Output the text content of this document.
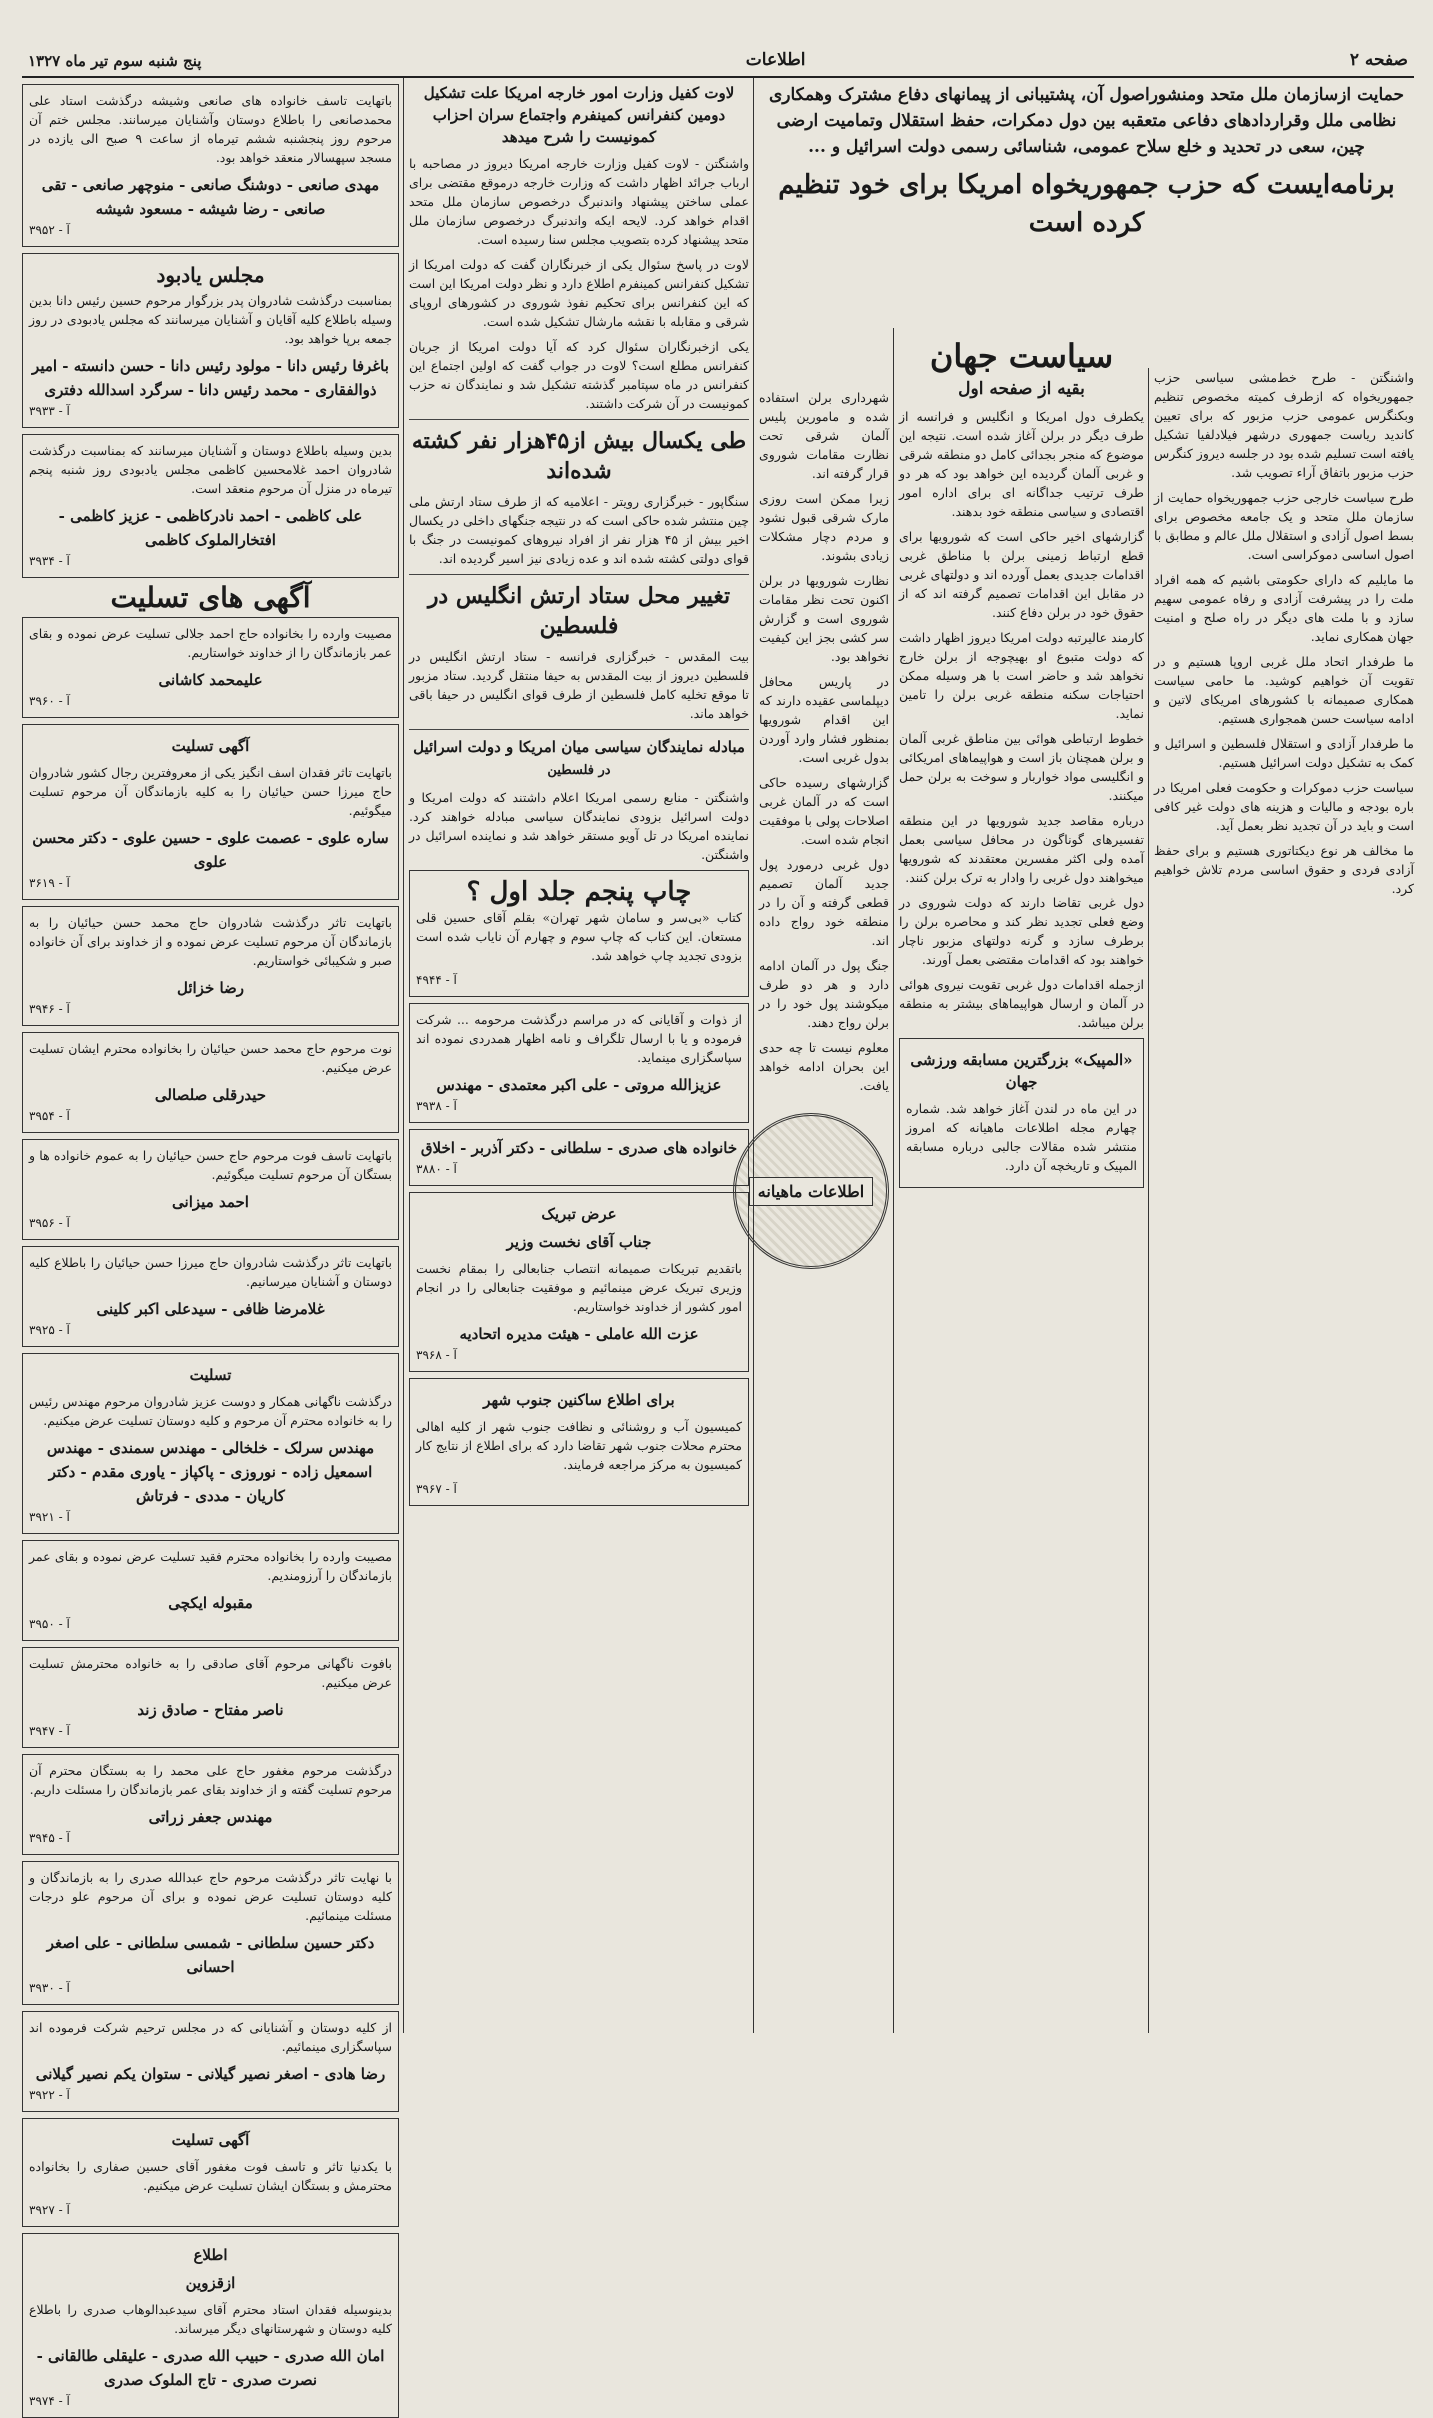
صفحه ۲
اطلاعات
پنج شنبه سوم تیر ماه ۱۳۲۷

واشنگتن - طرح خط‌مشی سیاسی حزب جمهوریخواه که ازطرف کمیته مخصوص تنظیم وبکنگرس عمومی حزب مزبور که برای تعیین کاندید ریاست جمهوری درشهر فیلادلفیا تشکیل یافته است تسلیم شده بود در جلسه دیروز کنگرس حزب مزبور باتفاق آراء تصویب شد.

طرح سیاست خارجی حزب جمهوریخواه حمایت از سازمان ملل متحد و یک جامعه مخصوص برای بسط اصول آزادی و استقلال ملل عالم و مطابق با اصول اساسی دموکراسی است.

ما مایلیم که دارای حکومتی باشیم که همه افراد ملت را در پیشرفت آزادی و رفاه عمومی سهیم سازد و با ملت های دیگر در راه صلح و امنیت جهان همکاری نماید.

ما طرفدار اتحاد ملل غربی اروپا هستیم و در تقویت آن خواهیم کوشید. ما حامی سیاست همکاری صمیمانه با کشورهای امریکای لاتین و ادامه سیاست حسن همجواری هستیم.

ما طرفدار آزادی و استقلال فلسطین و اسرائیل و کمک به تشکیل دولت اسرائیل هستیم.

سیاست حزب دموکرات و حکومت فعلی امریکا در باره بودجه و مالیات و هزینه های دولت غیر کافی است و باید در آن تجدید نظر بعمل آید.

ما مخالف هر نوع دیکتاتوری هستیم و برای حفظ آزادی فردی و حقوق اساسی مردم تلاش خواهیم کرد.

حمایت ازسازمان ملل متحد ومنشوراصول آن، پشتیبانی از پیمانهای دفاع مشترک وهمکاری نظامی ملل وقراردادهای دفاعی متعقبه بین دول دمکرات، حفظ استقلال وتمامیت ارضی چین، سعی در تحدید و خلع سلاح عمومی، شناسائی رسمی دولت اسرائیل و ...
برنامه‌ایست که حزب جمهوریخواه امریکا برای خود تنظیم کرده است
سیاست جهان
بقیه از صفحه اول

یکطرف دول امریکا و انگلیس و فرانسه از طرف دیگر در برلن آغاز شده است. نتیجه این موضوع که منجر بجدائی کامل دو منطقه شرقی و غربی آلمان گردیده این خواهد بود که هر دو طرف ترتیب جداگانه ای برای اداره امور اقتصادی و سیاسی منطقه خود بدهند.

گزارشهای اخیر حاکی است که شورویها برای قطع ارتباط زمینی برلن با مناطق غربی اقدامات جدیدی بعمل آورده اند و دولتهای غربی در مقابل این اقدامات تصمیم گرفته اند که از حقوق خود در برلن دفاع کنند.

کارمند عالیرتبه دولت امریکا دیروز اظهار داشت که دولت متبوع او بهیچوجه از برلن خارج نخواهد شد و حاضر است با هر وسیله ممکن احتیاجات سکنه منطقه غربی برلن را تامین نماید.

خطوط ارتباطی هوائی بین مناطق غربی آلمان و برلن همچنان باز است و هواپیماهای امریکائی و انگلیسی مواد خواربار و سوخت به برلن حمل میکنند.

درباره مقاصد جدید شورویها در این منطقه تفسیرهای گوناگون در محافل سیاسی بعمل آمده ولی اکثر مفسرین معتقدند که شورویها میخواهند دول غربی را وادار به ترک برلن کنند.

دول غربی تقاضا دارند که دولت شوروی در وضع فعلی تجدید نظر کند و محاصره برلن را برطرف سازد و گرنه دولتهای مزبور ناچار خواهند بود که اقدامات مقتضی بعمل آورند.

ازجمله اقدامات دول غربی تقویت نیروی هوائی در آلمان و ارسال هواپیماهای بیشتر به منطقه برلن میباشد.

«المپیک» بزرگترین مسابقه ورزشی جهان

در این ماه در لندن آغاز خواهد شد. شماره چهارم مجله اطلاعات ماهیانه که امروز منتشر شده مقالات جالبی درباره مسابقه المپیک و تاریخچه آن دارد.

شهرداری برلن استفاده شده و مامورین پلیس آلمان شرقی تحت نظارت مقامات شوروی قرار گرفته اند.

زیرا ممکن است روزی مارک شرقی قبول نشود و مردم دچار مشکلات زیادی بشوند.

نظارت شورویها در برلن اکنون تحت نظر مقامات شوروی است و گزارش سر کشی بجز این کیفیت نخواهد بود.

در پاریس محافل دیپلماسی عقیده دارند که این اقدام شورویها بمنظور فشار وارد آوردن بدول غربی است.

گزارشهای رسیده حاکی است که در آلمان غربی اصلاحات پولی با موفقیت انجام شده است.

دول غربی درمورد پول جدید آلمان تصمیم قطعی گرفته و آن را در منطقه خود رواج داده اند.

جنگ پول در آلمان ادامه دارد و هر دو طرف میکوشند پول خود را در برلن رواج دهند.

معلوم نیست تا چه حدی این بحران ادامه خواهد یافت.

اطلاعات ماهیانه
لاوت کفیل وزارت امور خارجه امریکا علت تشکیل دومین کنفرانس کمینفرم واجتماع سران احزاب کمونیست را شرح میدهد

واشنگتن - لاوت کفیل وزارت خارجه امریکا دیروز در مصاحبه با ارباب جرائد اظهار داشت که وزارت خارجه درموقع مقتضی برای عملی ساختن پیشنهاد واندنبرگ درخصوص سازمان ملل متحد اقدام خواهد کرد. لایحه ایکه واندنبرگ درخصوص سازمان ملل متحد پیشنهاد کرده بتصویب مجلس سنا رسیده است.

لاوت در پاسخ سئوال یکی از خبرنگاران گفت که دولت امریکا از تشکیل کنفرانس کمینفرم اطلاع دارد و نظر دولت امریکا این است که این کنفرانس برای تحکیم نفوذ شوروی در کشورهای اروپای شرقی و مقابله با نقشه مارشال تشکیل شده است.

یکی ازخبرنگاران سئوال کرد که آیا دولت امریکا از جریان کنفرانس مطلع است؟ لاوت در جواب گفت که اولین اجتماع این کنفرانس در ماه سپتامبر گذشته تشکیل شد و نمایندگان نه حزب کمونیست در آن شرکت داشتند.

طی یکسال بیش از۴۵هزار نفر کشته شده‌اند

سنگاپور - خبرگزاری رویتر - اعلامیه که از طرف ستاد ارتش ملی چین منتشر شده حاکی است که در نتیجه جنگهای داخلی در یکسال اخیر بیش از ۴۵ هزار نفر از افراد نیروهای کمونیست در جنگ با قوای دولتی کشته شده اند و عده زیادی نیز اسیر گردیده اند.

تغییر محل ستاد ارتش انگلیس در فلسطین

بیت المقدس - خبرگزاری فرانسه - ستاد ارتش انگلیس در فلسطین دیروز از بیت المقدس به حیفا منتقل گردید. ستاد مزبور تا موقع تخلیه کامل فلسطین از طرف قوای انگلیس در حیفا باقی خواهد ماند.

مبادله نمایندگان سیاسی میان امریکا و دولت اسرائیل
در فلسطین

واشنگتن - منابع رسمی امریکا اعلام داشتند که دولت امریکا و دولت اسرائیل بزودی نمایندگان سیاسی مبادله خواهند کرد. نماینده امریکا در تل آویو مستقر خواهد شد و نماینده اسرائیل در واشنگتن.

چاپ پنجم جلد اول ؟

کتاب «بی‌سر و سامان شهر تهران» بقلم آقای حسین قلی مستعان. این کتاب که چاپ سوم و چهارم آن نایاب شده است بزودی تجدید چاپ خواهد شد.

۴۹۴۴ - آ

از ذوات و آقایانی که در مراسم درگذشت مرحومه ... شرکت فرموده و یا با ارسال تلگراف و نامه اظهار همدردی نموده اند سپاسگزاری مینماید.

عزیزالله مروتی - علی اکبر معتمدی - مهندس
۳۹۳۸ - آ
خانواده های صدری - سلطانی - دکتر آذربر - اخلاق
۳۸۸۰ - آ
عرض تبریک
جناب آقای نخست وزیر

باتقدیم تبریکات صمیمانه انتصاب جنابعالی را بمقام نخست وزیری تبریک عرض مینمائیم و موفقیت جنابعالی را در انجام امور کشور از خداوند خواستاریم.

عزت الله عاملی - هیئت مدیره اتحادیه
۳۹۶۸ - آ
برای اطلاع ساکنین جنوب شهر

کمیسیون آب و روشنائی و نظافت جنوب شهر از کلیه اهالی محترم محلات جنوب شهر تقاضا دارد که برای اطلاع از نتایج کار کمیسیون به مرکز مراجعه فرمایند.

۳۹۶۷ - آ

باتهایت تاسف خانواده های صانعی وشیشه درگذشت استاد علی محمدصانعی را باطلاع دوستان وآشنایان میرسانند. مجلس ختم آن مرحوم روز پنجشنبه ششم تیرماه از ساعت ۹ صبح الی یازده در مسجد سپهسالار منعقد خواهد بود.

مهدی صانعی - دوشنگ صانعی - منوچهر صانعی - تقی صانعی - رضا شیشه - مسعود شیشه
۳۹۵۲ - آ
مجلس یادبود

بمناسبت درگذشت شادروان پدر بزرگوار مرحوم حسین رئیس دانا بدین وسیله باطلاع کلیه آقایان و آشنایان میرسانند که مجلس یادبودی در روز جمعه برپا خواهد بود.

باغرفا رئیس دانا - مولود رئیس دانا - حسن دانسته - امیر ذوالفقاری - محمد رئیس دانا - سرگرد اسدالله دفتری
۳۹۳۳ - آ

بدین وسیله باطلاع دوستان و آشنایان میرسانند که بمناسبت درگذشت شادروان احمد غلامحسین کاظمی مجلس یادبودی روز شنبه پنجم تیرماه در منزل آن مرحوم منعقد است.

علی کاظمی - احمد نادرکاظمی - عزیز کاظمی - افتخارالملوک کاظمی
۳۹۳۴ - آ
آگهی های تسلیت

مصیبت وارده را بخانواده حاج احمد جلالی تسلیت عرض نموده و بقای عمر بازماندگان را از خداوند خواستاریم.

علیمحمد کاشانی
۳۹۶۰ - آ
آگهی تسلیت

باتهایت تاثر فقدان اسف انگیز یکی از معروفترین رجال کشور شادروان حاج میرزا حسن حیائیان را به کلیه بازماندگان آن مرحوم تسلیت میگوئیم.

ساره علوی - عصمت علوی - حسین علوی - دکتر محسن علوی
۳۶۱۹ - آ

باتهایت تاثر درگذشت شادروان حاج محمد حسن حیائیان را به بازماندگان آن مرحوم تسلیت عرض نموده و از خداوند برای آن خانواده صبر و شکیبائی خواستاریم.

رضا خزائل
۳۹۴۶ - آ

نوت مرحوم حاج محمد حسن حیائیان را بخانواده محترم ایشان تسلیت عرض میکنیم.

حیدرقلی صلصالی
۳۹۵۴ - آ

باتهایت تاسف فوت مرحوم حاج حسن حیائیان را به عموم خانواده ها و بستگان آن مرحوم تسلیت میگوئیم.

احمد میزانی
۳۹۵۶ - آ

باتهایت تاثر درگذشت شادروان حاج میرزا حسن حیائیان را باطلاع کلیه دوستان و آشنایان میرسانیم.

غلامرضا ظافی - سیدعلی اکبر کلینی
۳۹۲۵ - آ
تسلیت

درگذشت ناگهانی همکار و دوست عزیز شادروان مرحوم مهندس رئیس را به خانواده محترم آن مرحوم و کلیه دوستان تسلیت عرض میکنیم.

مهندس سرلک - خلخالی - مهندس سمندی - مهندس اسمعیل زاده - نوروزی - پاکپاز - یاوری مقدم - دکتر کاریان - مددی - فرتاش
۳۹۲۱ - آ

مصیبت وارده را بخانواده محترم فقید تسلیت عرض نموده و بقای عمر بازماندگان را آرزومندیم.

مقبوله ایکچی
۳۹۵۰ - آ

بافوت ناگهانی مرحوم آقای صادقی را به خانواده محترمش تسلیت عرض میکنیم.

ناصر مفتاح - صادق زند
۳۹۴۷ - آ

درگذشت مرحوم مغفور حاج علی محمد را به بستگان محترم آن مرحوم تسلیت گفته و از خداوند بقای عمر بازماندگان را مسئلت داریم.

مهندس جعفر زراتی
۳۹۴۵ - آ

با نهایت تاثر درگذشت مرحوم حاج عبدالله صدری را به بازماندگان و کلیه دوستان تسلیت عرض نموده و برای آن مرحوم علو درجات مسئلت مینمائیم.

دکتر حسین سلطانی - شمسی سلطانی - علی اصغر احسانی
۳۹۳۰ - آ

از کلیه دوستان و آشنایانی که در مجلس ترحیم شرکت فرموده اند سپاسگزاری مینمائیم.

رضا هادی - اصغر نصیر گیلانی - ستوان یکم نصیر گیلانی
۳۹۲۲ - آ
آگهی تسلیت

با یکدنیا تاثر و تاسف فوت مغفور آقای حسین صفاری را بخانواده محترمش و بستگان ایشان تسلیت عرض میکنیم.

۳۹۲۷ - آ
اطلاع
ازقزوین

بدینوسیله فقدان استاد محترم آقای سیدعبدالوهاب صدری را باطلاع کلیه دوستان و شهرستانهای دیگر میرساند.

امان الله صدری - حبیب الله صدری - علیقلی طالقانی - نصرت صدری - تاج الملوک صدری
۳۹۷۴ - آ
